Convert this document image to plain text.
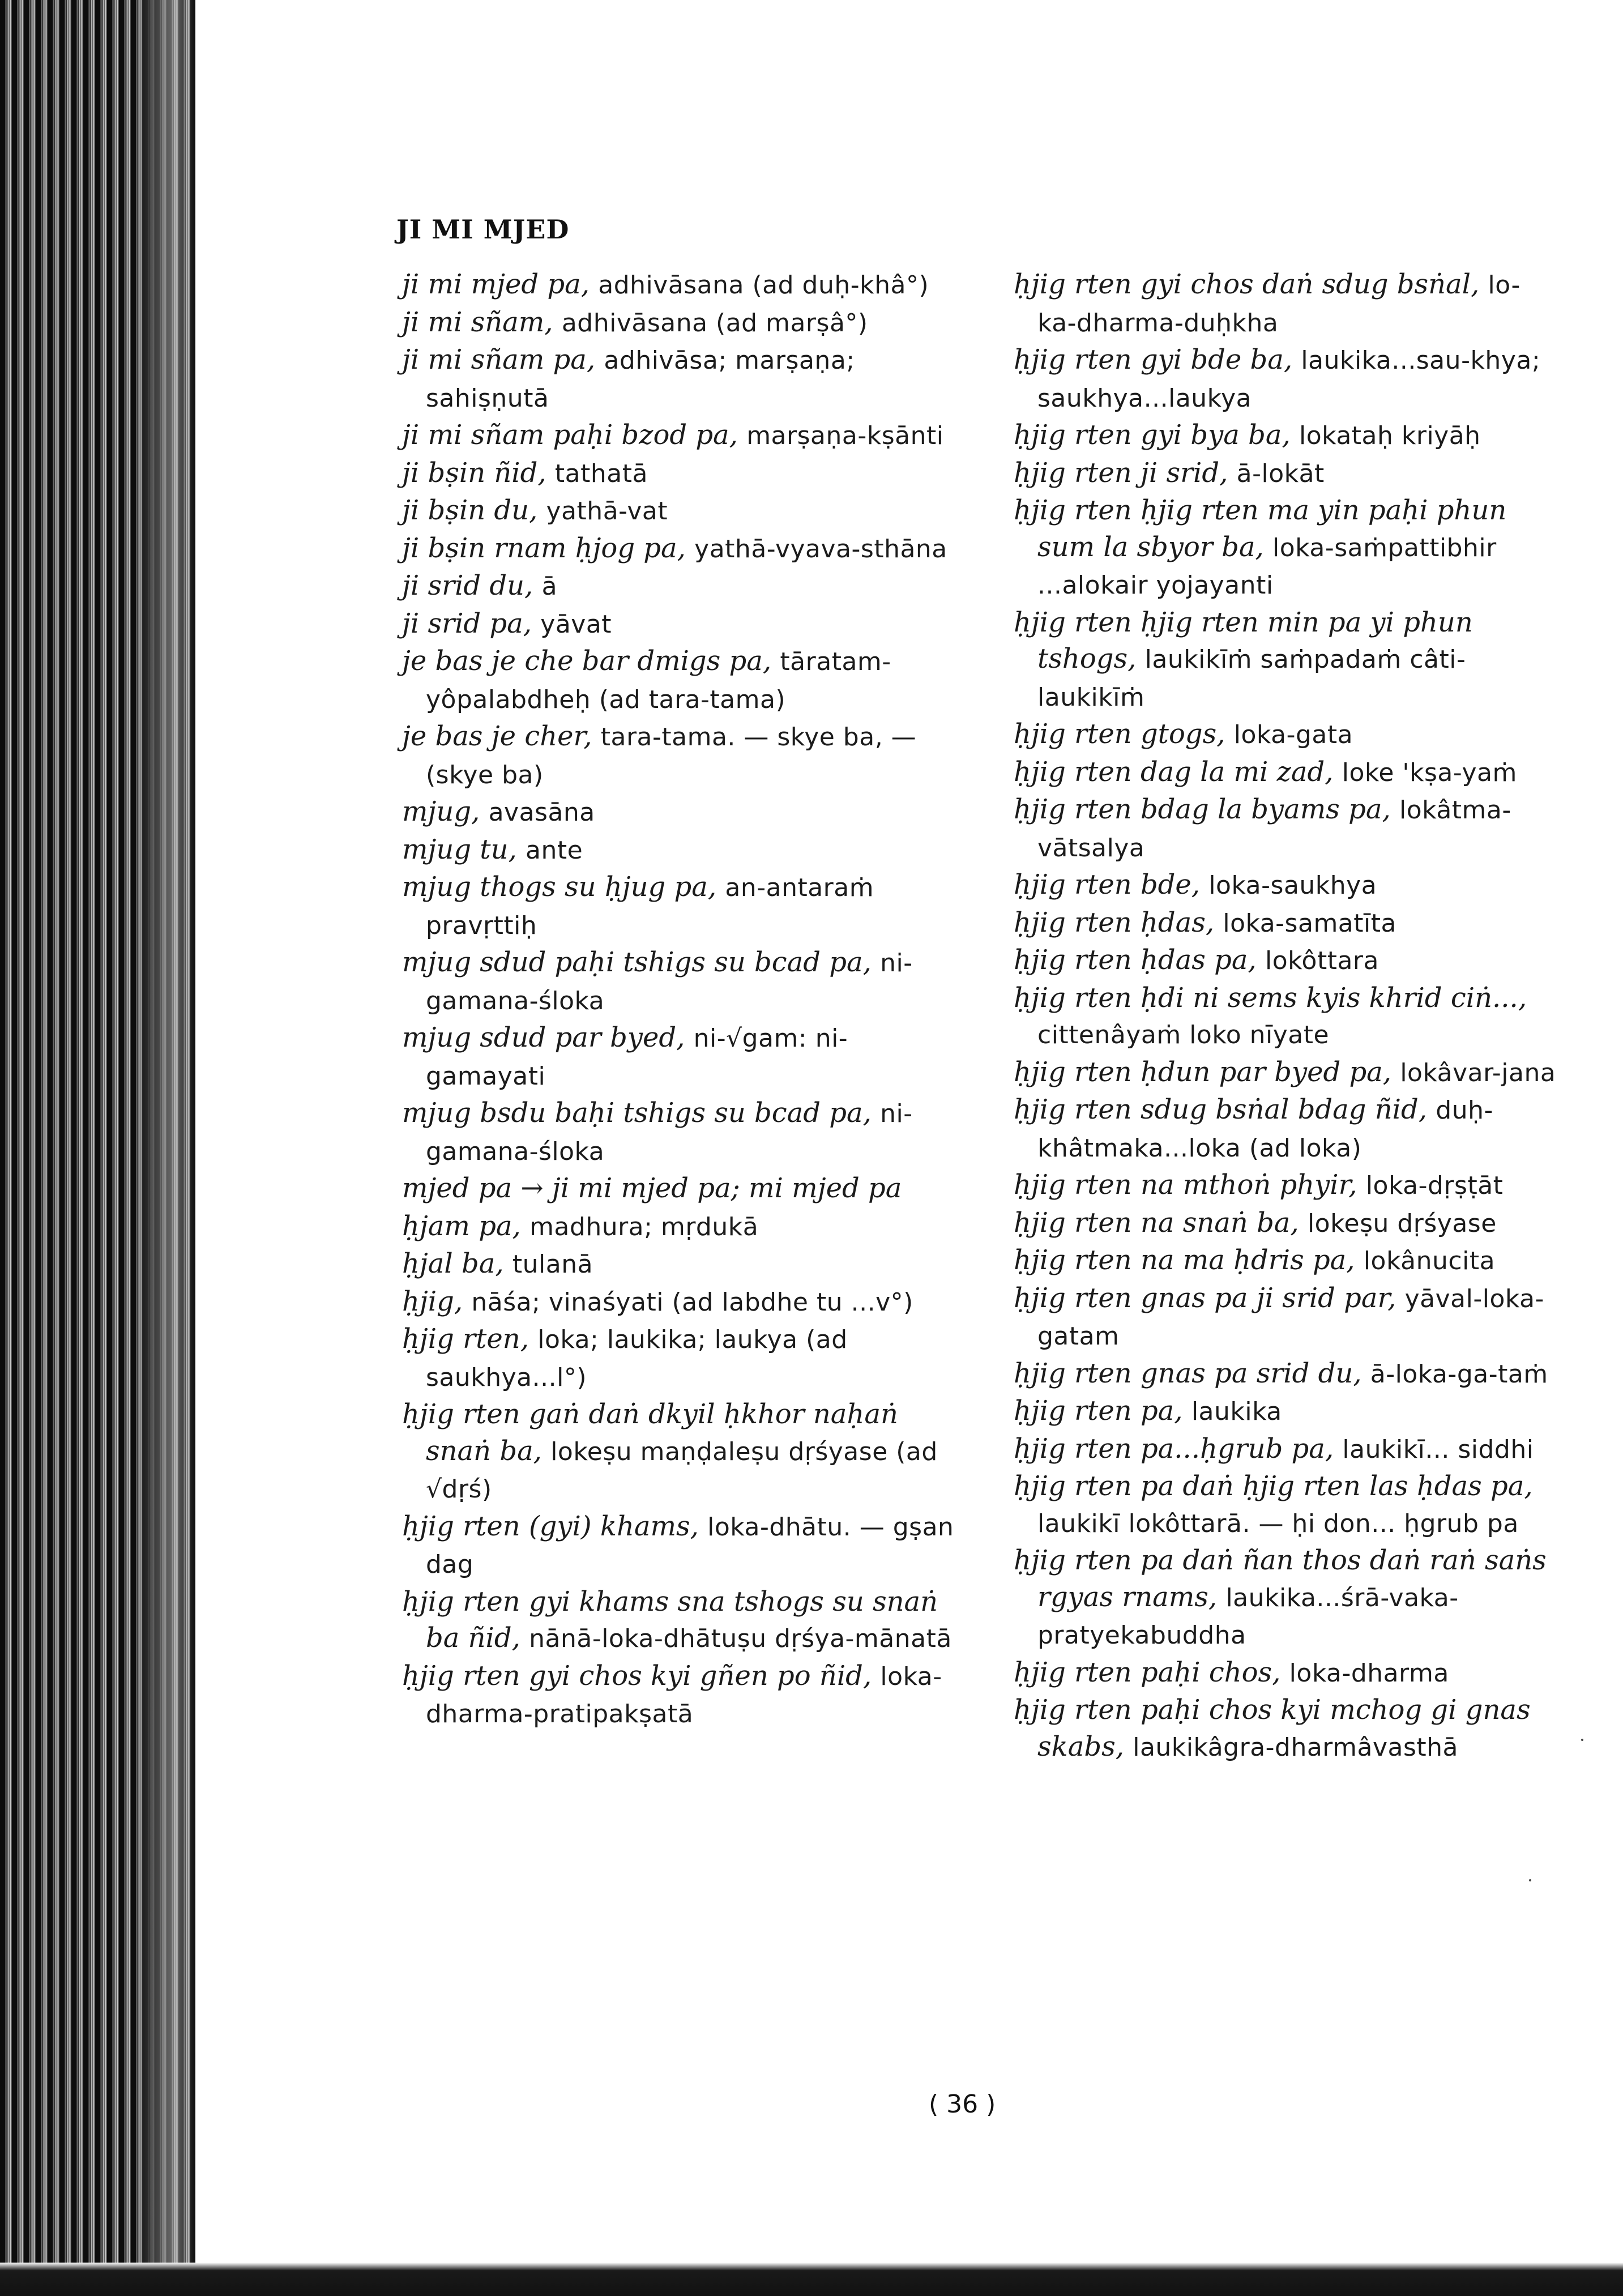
JI MI MJED

ji mi mjed pa, adhivāsana (ad duḥ-khâ°)

ji mi sñam, adhivāsana (ad marṣâ°)

ji mi sñam pa, adhivāsa; marṣaṇa; sahiṣṇutā

ji mi sñam paḥi bzod pa, marṣaṇa-kṣānti

ji bṣin ñid, tathatā

ji bṣin du, yathā-vat

ji bṣin rnam ḥjog pa, yathā-vyava-sthāna

ji srid du, ā

ji srid pa, yāvat

je bas je che bar dmigs pa, tāratam-yôpalabdheḥ (ad tara-tama)

je bas je cher, tara-tama. — skye ba, — (skye ba)

mjug, avasāna

mjug tu, ante

mjug thogs su ḥjug pa, an-antaraṁ pravṛttiḥ

mjug sdud paḥi tshigs su bcad pa, ni-gamana-śloka

mjug sdud par byed, ni-√gam: ni-gamayati

mjug bsdu baḥi tshigs su bcad pa, ni-gamana-śloka

mjed pa → ji mi mjed pa; mi mjed pa

ḥjam pa, madhura; mṛdukā

ḥjal ba, tulanā

ḥjig, nāśa; vinaśyati (ad labdhe tu ...v°)

ḥjig rten, loka; laukika; laukya (ad saukhya...l°)

ḥjig rten gaṅ daṅ dkyil ḥkhor naḥaṅ snaṅ ba, lokeṣu maṇḍaleṣu dṛśyase (ad √dṛś)

ḥjig rten (gyi) khams, loka-dhātu. — gṣan dag

ḥjig rten gyi khams sna tshogs su snaṅ ba ñid, nānā-loka-dhātuṣu dṛśya-mānatā

ḥjig rten gyi chos kyi gñen po ñid, loka-dharma-pratipakṣatā

ḥjig rten gyi chos daṅ sdug bsṅal, lo-ka-dharma-duḥkha

ḥjig rten gyi bde ba, laukika...sau-khya; saukhya...laukya

ḥjig rten gyi bya ba, lokataḥ kriyāḥ

ḥjig rten ji srid, ā-lokāt

ḥjig rten ḥjig rten ma yin paḥi phun sum la sbyor ba, loka-saṁpattibhir ...alokair yojayanti

ḥjig rten ḥjig rten min pa yi phun tshogs, laukikīṁ saṁpadaṁ câti-laukikīṁ

ḥjig rten gtogs, loka-gata

ḥjig rten dag la mi zad, loke 'kṣa-yaṁ

ḥjig rten bdag la byams pa, lokâtma-vātsalya

ḥjig rten bde, loka-saukhya

ḥjig rten ḥdas, loka-samatīta

ḥjig rten ḥdas pa, lokôttara

ḥjig rten ḥdi ni sems kyis khrid ciṅ..., cittenâyaṁ loko nīyate

ḥjig rten ḥdun par byed pa, lokâvar-jana

ḥjig rten sdug bsṅal bdag ñid, duḥ-khâtmaka...loka (ad loka)

ḥjig rten na mthoṅ phyir, loka-dṛṣṭāt

ḥjig rten na snaṅ ba, lokeṣu dṛśyase

ḥjig rten na ma ḥdris pa, lokânucita

ḥjig rten gnas pa ji srid par, yāval-loka-gatam

ḥjig rten gnas pa srid du, ā-loka-ga-taṁ

ḥjig rten pa, laukika

ḥjig rten pa...ḥgrub pa, laukikī... siddhi

ḥjig rten pa daṅ ḥjig rten las ḥdas pa, laukikī lokôttarā. — ḥi don... ḥgrub pa

ḥjig rten pa daṅ ñan thos daṅ raṅ saṅs rgyas rnams, laukika...śrā-vaka-pratyekabuddha

ḥjig rten paḥi chos, loka-dharma

ḥjig rten paḥi chos kyi mchog gi gnas skabs, laukikâgra-dharmâvasthā

( 36 )
